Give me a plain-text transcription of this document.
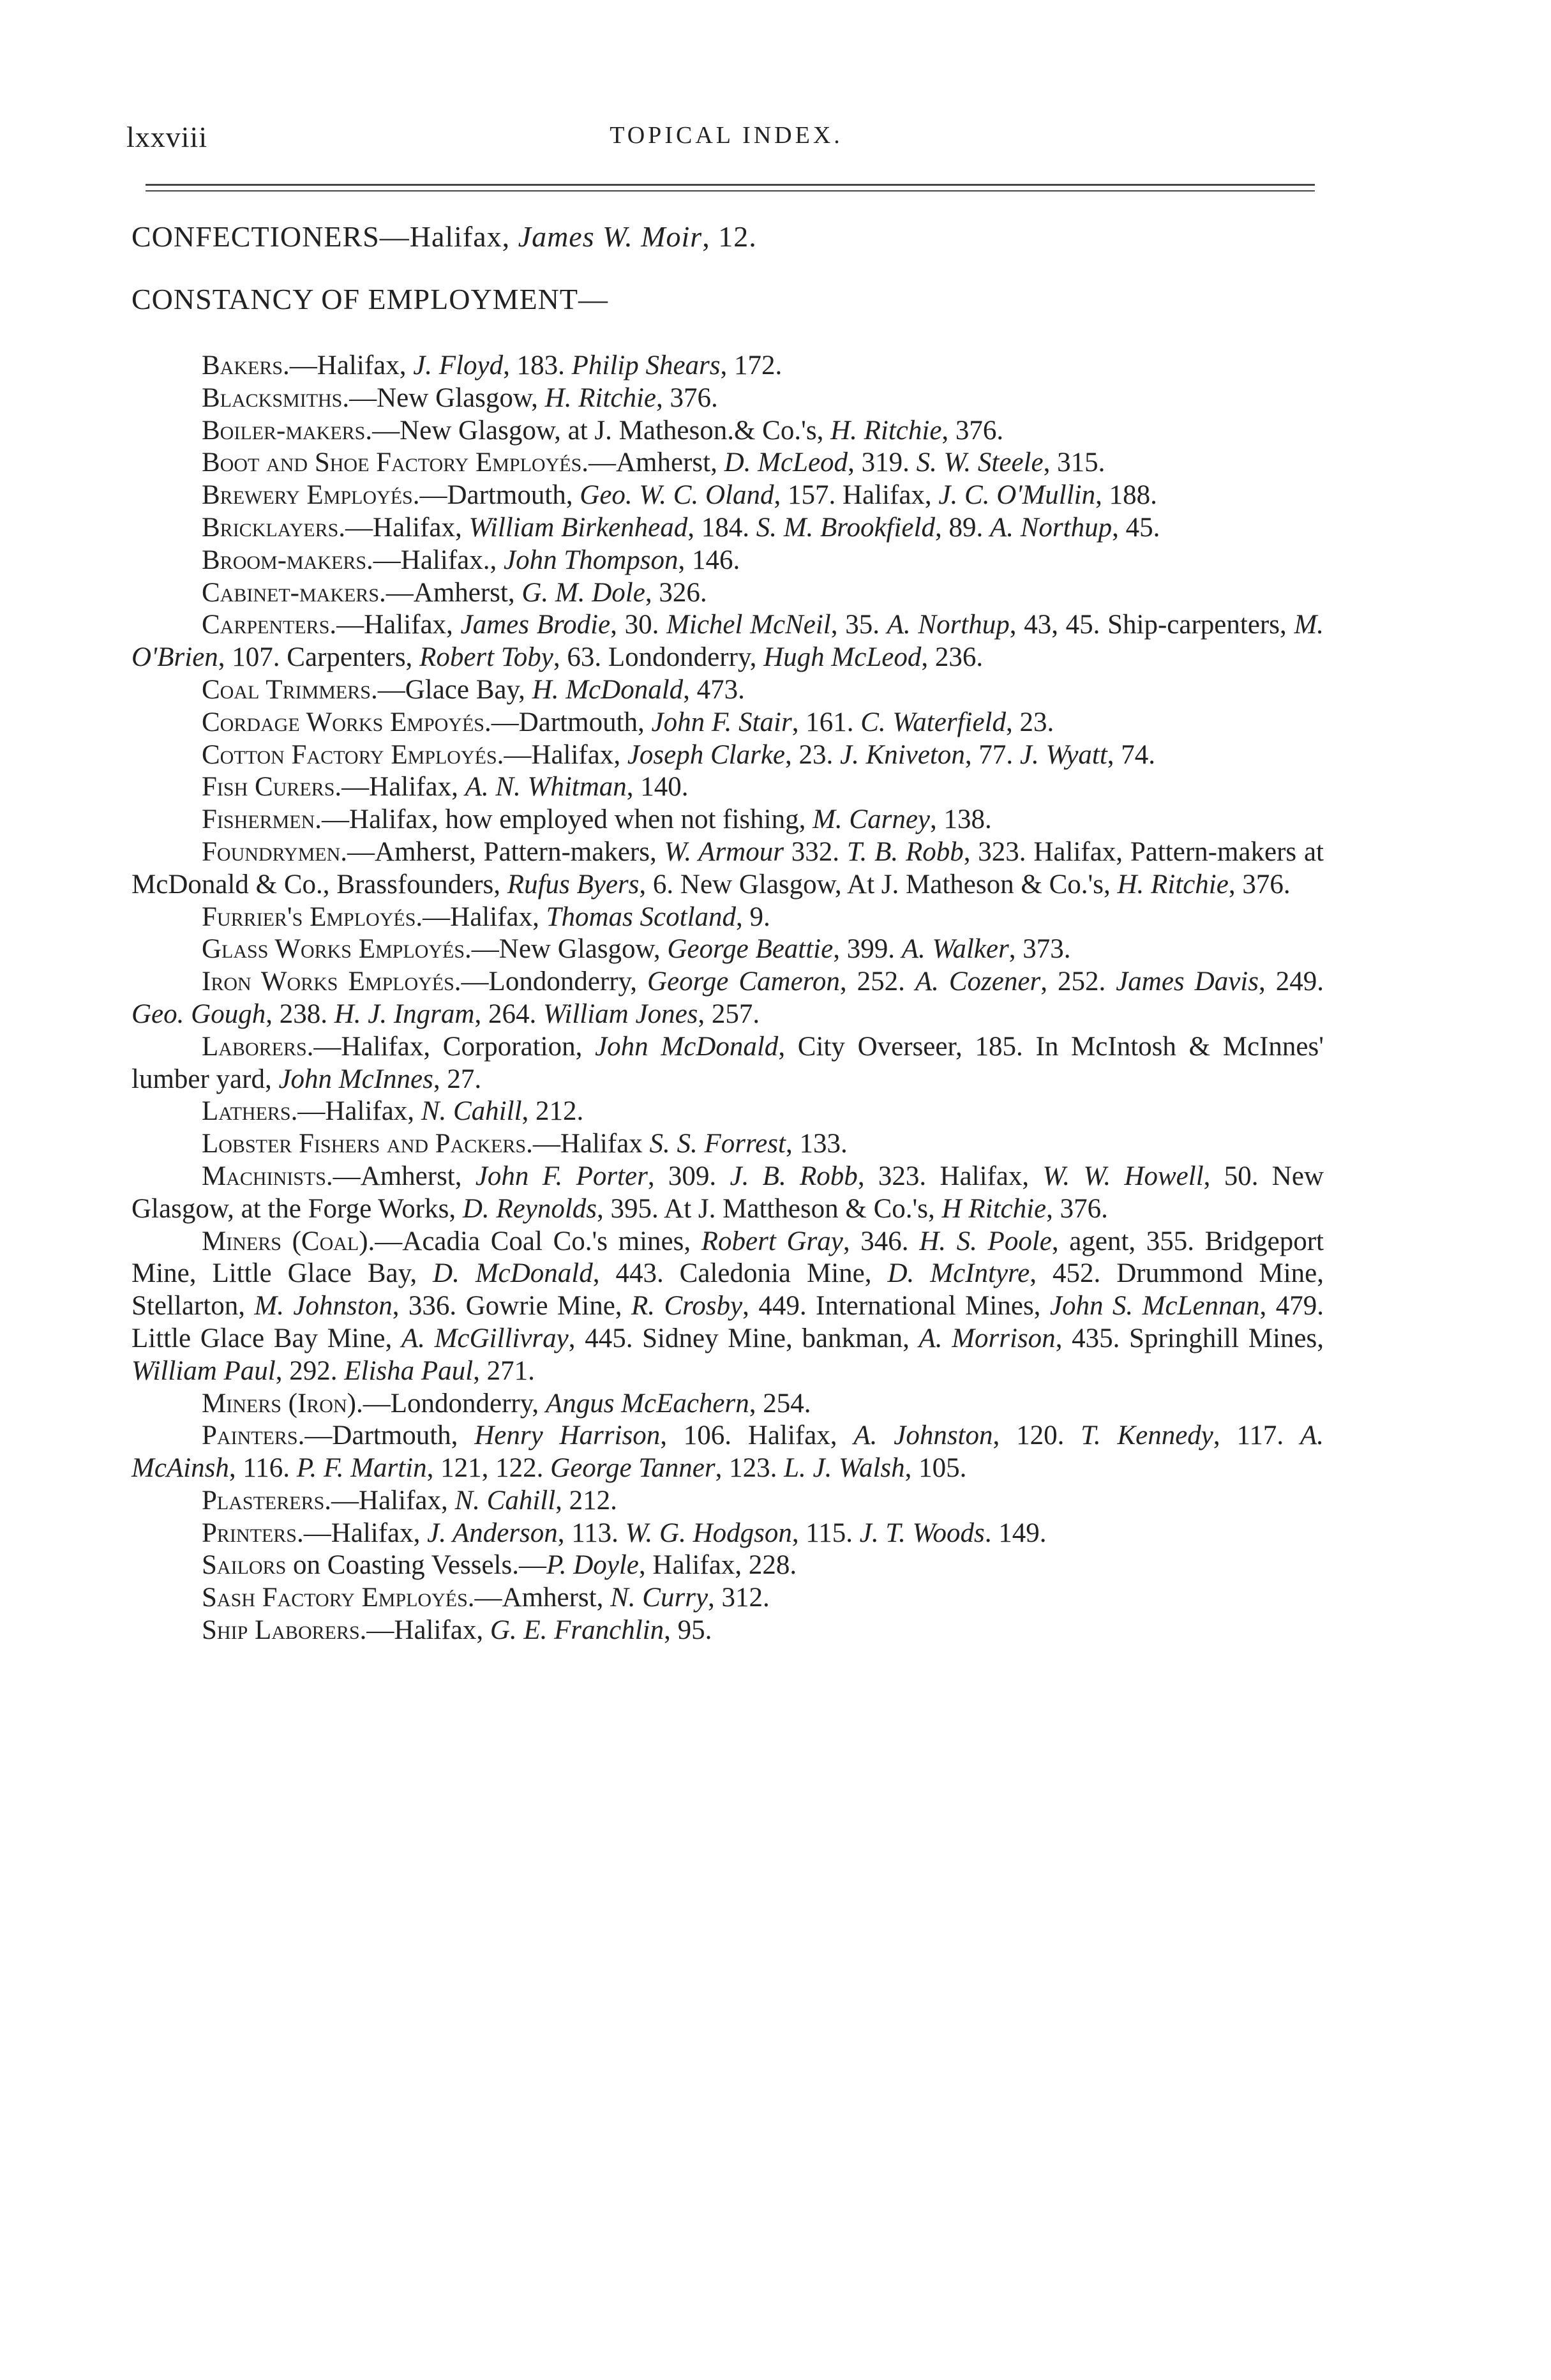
lxxviii	TOPICAL INDEX.
CONFECTIONERS—Halifax, James W. Moir, 12.
CONSTANCY OF EMPLOYMENT—

Bakers.—Halifax, J. Floyd, 183. Philip Shears, 172.

Blacksmiths.—New Glasgow, H. Ritchie, 376.

Boiler-makers.—New Glasgow, at J. Matheson.& Co.'s, H. Ritchie, 376.

Boot and Shoe Factory Employés.—Amherst, D. McLeod, 319. S. W. Steele, 315.

Brewery Employés.—Dartmouth, Geo. W. C. Oland, 157. Halifax, J. C. O'Mullin, 188.

Bricklayers.—Halifax, William Birkenhead, 184. S. M. Brookfield, 89. A. Northup, 45.

Broom-makers.—Halifax., John Thompson, 146.

Cabinet-makers.—Amherst, G. M. Dole, 326.

Carpenters.—Halifax, James Brodie, 30. Michel McNeil, 35. A. Northup, 43, 45. Ship-carpenters, M. O'Brien, 107. Carpenters, Robert Toby, 63. Londonderry, Hugh McLeod, 236.

Coal Trimmers.—Glace Bay, H. McDonald, 473.

Cordage Works Empoyés.—Dartmouth, John F. Stair, 161. C. Waterfield, 23.

Cotton Factory Employés.—Halifax, Joseph Clarke, 23. J. Kniveton, 77. J. Wyatt, 74.

Fish Curers.—Halifax, A. N. Whitman, 140.

Fishermen.—Halifax, how employed when not fishing, M. Carney, 138.

Foundrymen.—Amherst, Pattern-makers, W. Armour 332. T. B. Robb, 323. Halifax, Pattern-makers at McDonald & Co., Brassfounders, Rufus Byers, 6. New Glasgow, At J. Matheson & Co.'s, H. Ritchie, 376.

Furrier's Employés.—Halifax, Thomas Scotland, 9.

Glass Works Employés.—New Glasgow, George Beattie, 399. A. Walker, 373.

Iron Works Employés.—Londonderry, George Cameron, 252. A. Cozener, 252. James Davis, 249. Geo. Gough, 238. H. J. Ingram, 264. William Jones, 257.

Laborers.—Halifax, Corporation, John McDonald, City Overseer, 185. In McIntosh & McInnes' lumber yard, John McInnes, 27.

Lathers.—Halifax, N. Cahill, 212.

Lobster Fishers and Packers.—Halifax S. S. Forrest, 133.

Machinists.—Amherst, John F. Porter, 309. J. B. Robb, 323. Halifax, W. W. Howell, 50. New Glasgow, at the Forge Works, D. Reynolds, 395. At J. Mattheson & Co.'s, H Ritchie, 376.

Miners (Coal).—Acadia Coal Co.'s mines, Robert Gray, 346. H. S. Poole, agent, 355. Bridgeport Mine, Little Glace Bay, D. McDonald, 443. Caledonia Mine, D. McIntyre, 452. Drummond Mine, Stellarton, M. Johnston, 336. Gowrie Mine, R. Crosby, 449. International Mines, John S. McLennan, 479. Little Glace Bay Mine, A. McGillivray, 445. Sidney Mine, bankman, A. Morrison, 435. Springhill Mines, William Paul, 292. Elisha Paul, 271.

Miners (Iron).—Londonderry, Angus McEachern, 254.

Painters.—Dartmouth, Henry Harrison, 106. Halifax, A. Johnston, 120. T. Kennedy, 117. A. McAinsh, 116. P. F. Martin, 121, 122. George Tanner, 123. L. J. Walsh, 105.

Plasterers.—Halifax, N. Cahill, 212.

Printers.—Halifax, J. Anderson, 113. W. G. Hodgson, 115. J. T. Woods. 149.

Sailors on Coasting Vessels.—P. Doyle, Halifax, 228.

Sash Factory Employés.—Amherst, N. Curry, 312.

Ship Laborers.—Halifax, G. E. Franchlin, 95.
